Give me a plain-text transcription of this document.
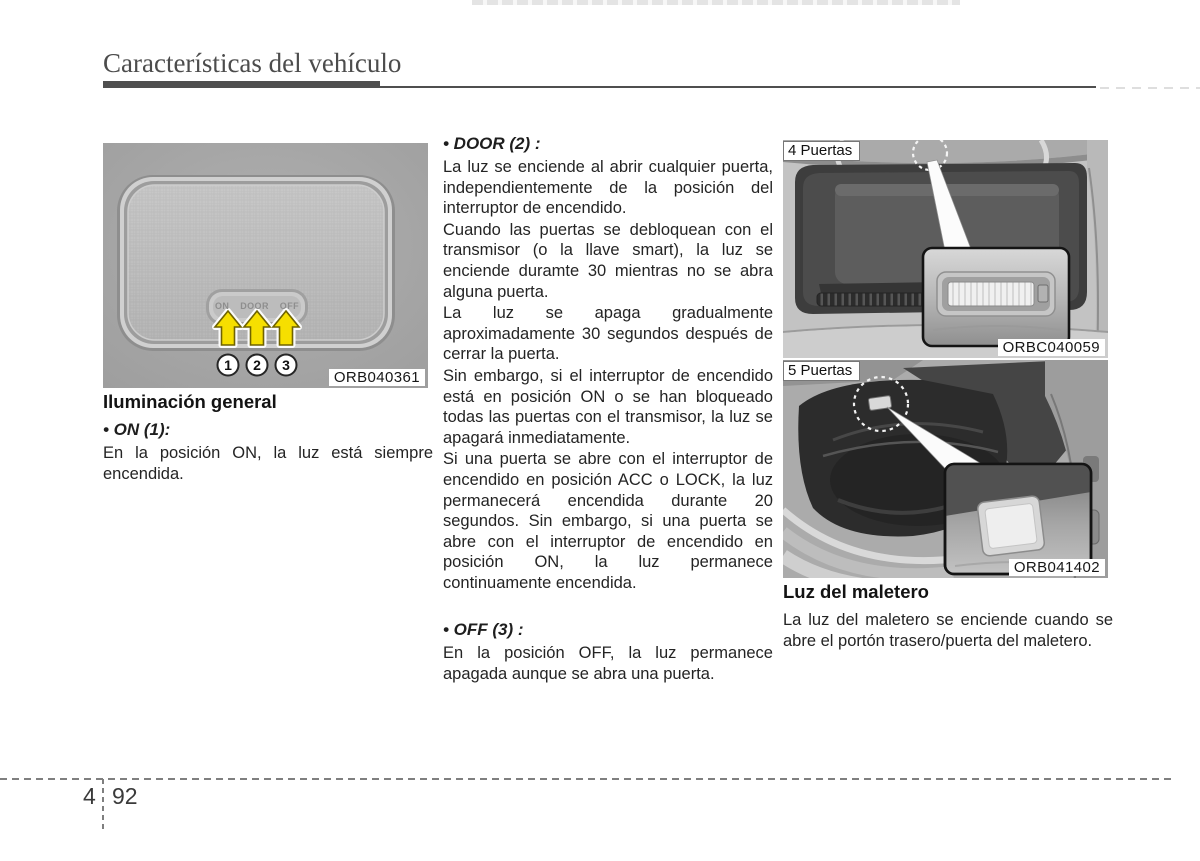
Características del vehículo
1 2 3
ON DOOR OFF
ORB040361
Iluminación general

• ON (1):

En la posición ON, la luz está siempre encendida.

• DOOR (2) :

La luz se enciende al abrir cualquier puerta, independientemente de la posición del interruptor de encendido.

Cuando las puertas se debloquean con el transmisor (o la llave smart), la luz se enciende duramte 30 mientras no se abra alguna puerta.

La luz se apaga gradualmente aproximadamente 30 segundos después de cerrar la puerta.

Sin embargo, si el interruptor de encendido está en posición ON o se han bloqueado todas las puertas con el transmisor, la luz se apagará inmediatamente.

Si una puerta se abre con el interruptor de encendido en posición ACC o LOCK, la luz permanecerá encendida durante 20 segundos. Sin embargo, si una puerta se abre con el interruptor de encendido en posición ON, la luz permanece continuamente encendida.

• OFF (3) :

En la posición OFF, la luz permanece apagada aunque se abra una puerta.

4 Puertas
ORBC040059
5 Puertas
ORB041402
Luz del maletero

La luz del maletero se enciende cuando se abre el portón trasero/puerta del maletero.

4 92
